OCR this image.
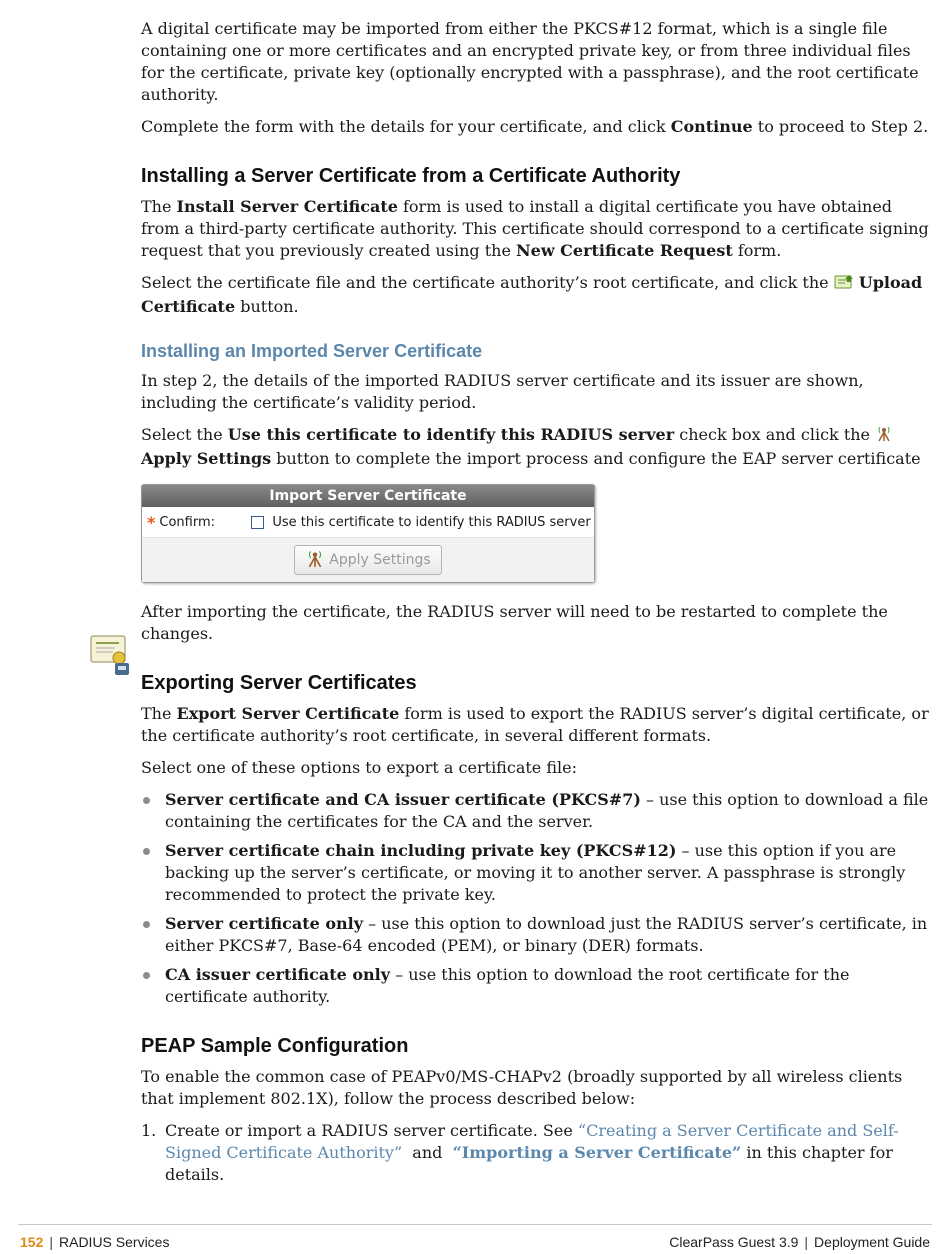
A digital certificate may be imported from either the PKCS#12 format, which is a single file containing one or more certificates and an encrypted private key, or from three individual files for the certificate, private key (optionally encrypted with a passphrase), and the root certificate authority.

Complete the form with the details for your certificate, and click Continue to proceed to Step 2.

Installing a Server Certificate from a Certificate Authority

The Install Server Certificate form is used to install a digital certificate you have obtained from a third-party certificate authority. This certificate should correspond to a certificate signing request that you previously created using the New Certificate Request form.

Select the certificate file and the certificate authority’s root certificate, and click the  Upload Certificate button.

Installing an Imported Server Certificate

In step 2, the details of the imported RADIUS server certificate and its issuer are shown, including the certificate’s validity period.

Select the Use this certificate to identify this RADIUS server check box and click the Apply Settings button to complete the import process and configure the EAP server certificate

Import Server Certificate
* Confirm:	Use this certificate to identify this RADIUS server
Apply Settings

After importing the certificate, the RADIUS server will need to be restarted to complete the changes.

Exporting Server Certificates

The Export Server Certificate form is used to export the RADIUS server’s digital certificate, or the certificate authority’s root certificate, in several different formats.

Select one of these options to export a certificate file:

Server certificate and CA issuer certificate (PKCS#7) – use this option to download a file containing the certificates for the CA and the server.
Server certificate chain including private key (PKCS#12) – use this option if you are backing up the server’s certificate, or moving it to another server. A passphrase is strongly recommended to protect the private key.
Server certificate only – use this option to download just the RADIUS server’s certificate, in either PKCS#7, Base-64 encoded (PEM), or binary (DER) formats.
CA issuer certificate only – use this option to download the root certificate for the certificate authority.
PEAP Sample Configuration

To enable the common case of PEAPv0/MS-CHAPv2 (broadly supported by all wireless clients that implement 802.1X), follow the process described below:

1. Create or import a RADIUS server certificate. See “Creating a Server Certificate and Self-Signed Certificate Authority”  and  “Importing a Server Certificate” in this chapter for details.
152 | RADIUS Services	ClearPass Guest 3.9 | Deployment Guide
